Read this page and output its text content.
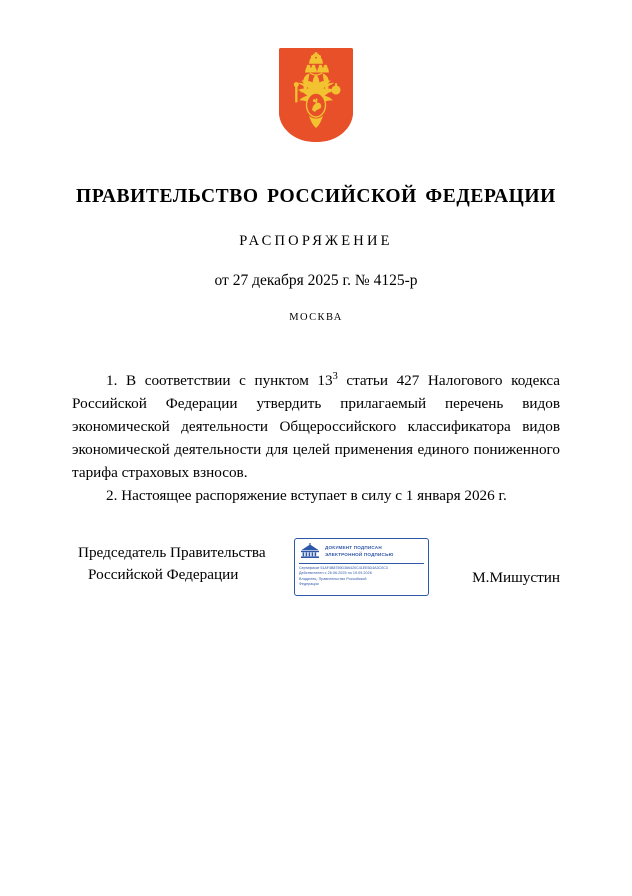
ПРАВИТЕЛЬСТВО РОССИЙСКОЙ ФЕДЕРАЦИИ
РАСПОРЯЖЕНИЕ
от 27 декабря 2025 г. № 4125-р
МОСКВА

1. В соответствии с пунктом $13^3$ статьи 427 Налогового кодекса Российской Федерации утвердить прилагаемый перечень видов экономической деятельности Общероссийского классификатора видов экономической деятельности для целей применения единого пониженного тарифа страховых взносов.

2. Настоящее распоряжение вступает в силу с 1 января 2026 г.

Председатель Правительства
Российской Федерации
ДОКУМЕНТ ПОДПИСАН
ЭЛЕКТРОННОЙ ПОДПИСЬЮ
Сертификат 51АF4В8759D36К420С41ЕЕ5D4А3С0С3
Действителен с 26.06.2025 по 19.09.2026
Владелец: Правительство Российской
Федерации	М.Мишустин
